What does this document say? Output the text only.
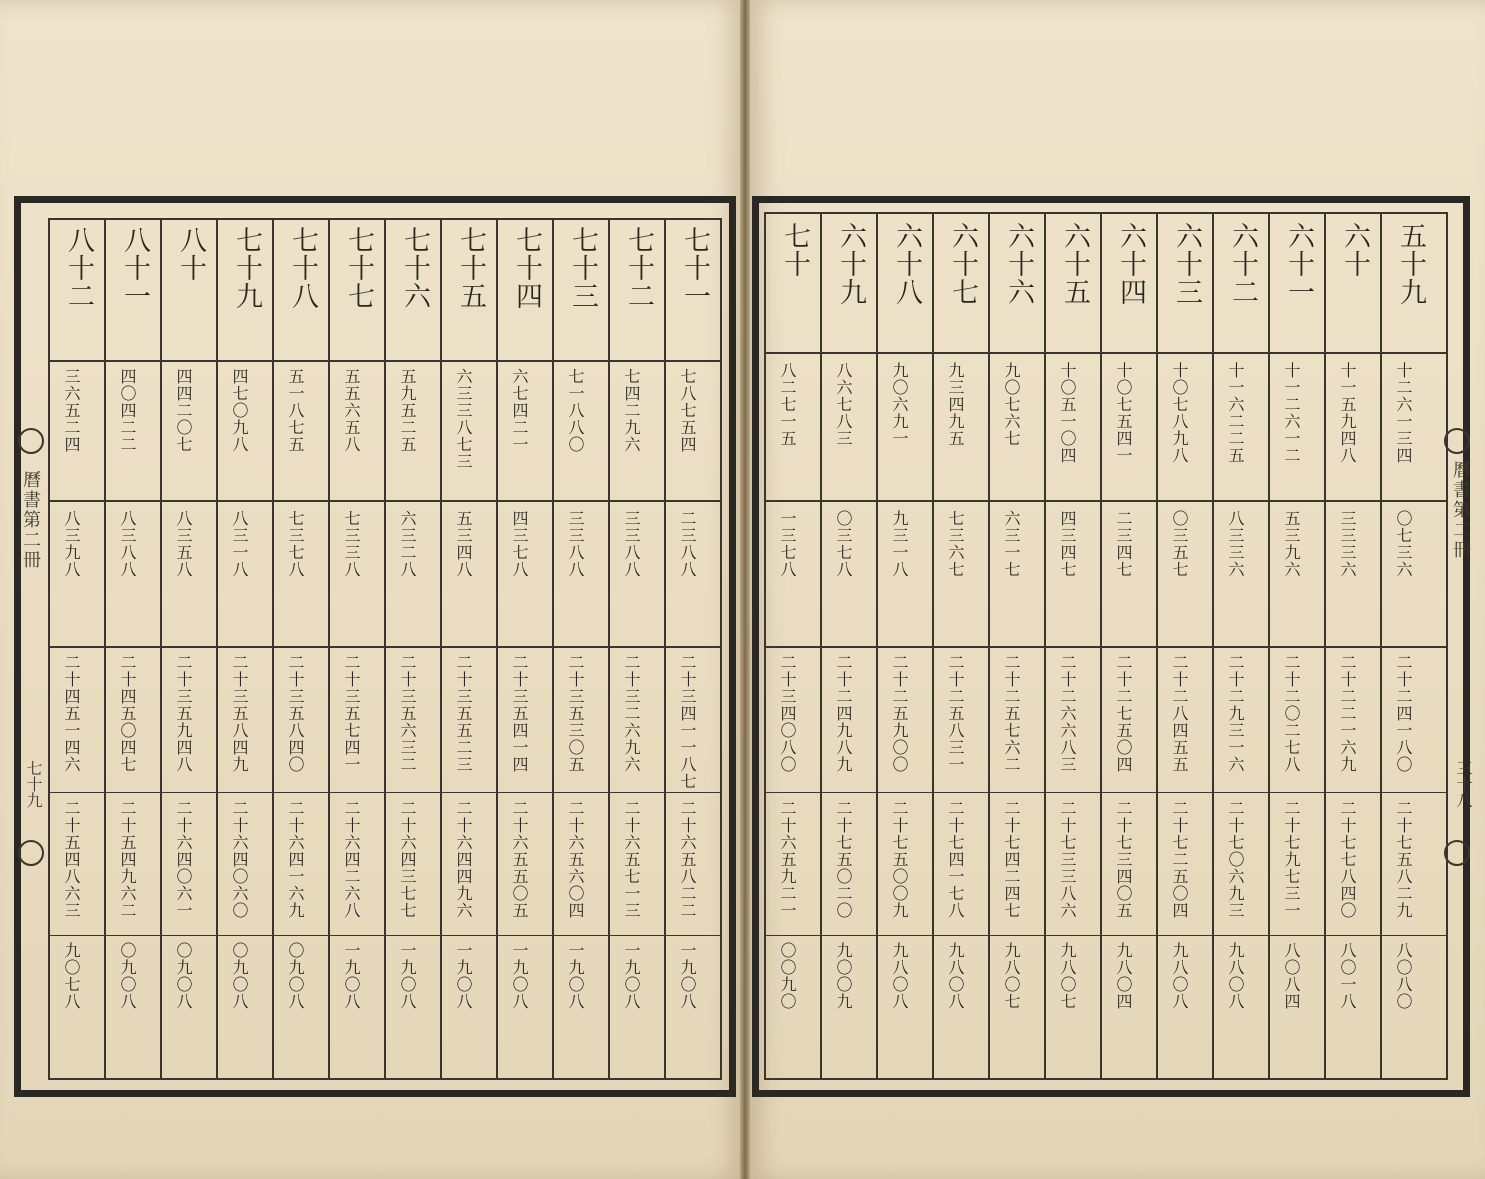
曆書第二冊
七十九
曆書第二冊
三十八
七十一
七八七五四
二三八八
二十三四一一八七
二十六五八二二
一九〇八
七十二
七四二九六
三三八八
二十三二六九六
二十六五七一三
一九〇八
七十三
七一八八〇
三三八八
二十三五三〇五
二十六五六〇四
一九〇八
七十四
六七四二一
四三七八
二十三五四一四
二十六五五〇五
一九〇八
七十五
六三三八七三
五三四八
二十三五五二三
二十六四四九六
一九〇八
七十六
五九五二五
六三二八
二十三五六三二
二十六四三七七
一九〇八
七十七
五五六五八
七三三八
二十三五七四一
二十六四二六八
一九〇八
七十八
五一八七五
七三七八
二十三五八四〇
二十六四一六九
〇九〇八
七十九
四七〇九八
八三一八
二十三五八四九
二十六四〇六〇
〇九〇八
八十
四四二〇七
八三五八
二十三五九四八
二十六四〇六一
〇九〇八
八十一
四〇四二二
八三八八
二十四五〇四七
二十五四九六二
〇九〇八
八十二
三六五二四
八三九八
二十四五一四六
二十五四八六三
九〇七八
五十九
十二六一三四
〇七三六
二十二四一八〇
二十七五八二九
八〇八〇
六十
十一五九四八
三三三六
二十二二一六九
二十七七八四〇
八〇一八
六十一
十一二六一二
五三九六
二十二〇二七八
二十七九七三一
八〇八四
六十二
十一六二二五
八三三六
二十二九三一六
二十七〇六九三
九八〇八
六十三
十〇七八九八
〇三五七
二十二八四五五
二十七二五〇四
九八〇八
六十四
十〇七五四一
二三四七
二十二七五〇四
二十七三四〇五
九八〇四
六十五
十〇五一〇四
四三四七
二十二六六八三
二十七三三八六
九八〇七
六十六
九〇七六七
六三一七
二十二五七六二
二十七四二四七
九八〇七
六十七
九三四九五
七三六七
二十二五八三一
二十七四一七八
九八〇八
六十八
九〇六九一
九三一八
二十二五九〇〇
二十七五〇〇九
九八〇八
六十九
八六七八三
〇三七八
二十二四九八九
二十七五〇二〇
九〇〇九
七十
八二七一五
一三七八
二十三四〇八〇
二十六五九二一
〇〇九〇
